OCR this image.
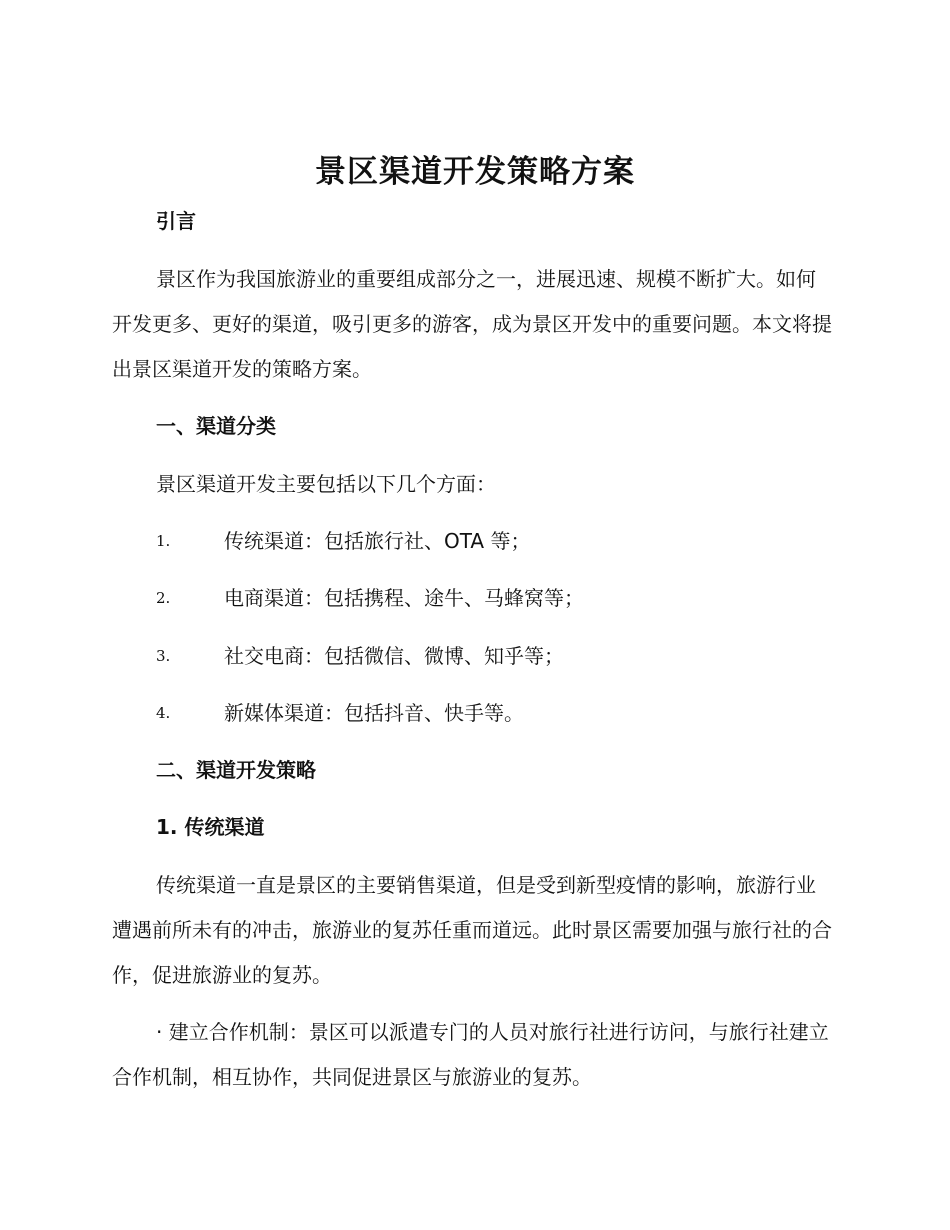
景区渠道开发策略方案
引言

景区作为我国旅游业的重要组成部分之一，进展迅速、规模不断扩大。如何开发更多、更好的渠道，吸引更多的游客，成为景区开发中的重要问题。本文将提出景区渠道开发的策略方案。

一、渠道分类

景区渠道开发主要包括以下几个方面：

1.	传统渠道：包括旅行社、OTA 等；
2.	电商渠道：包括携程、途牛、马蜂窝等；
3.	社交电商：包括微信、微博、知乎等；
4.	新媒体渠道：包括抖音、快手等。
二、渠道开发策略
1. 传统渠道

传统渠道一直是景区的主要销售渠道，但是受到新型疫情的影响，旅游行业遭遇前所未有的冲击，旅游业的复苏任重而道远。此时景区需要加强与旅行社的合作，促进旅游业的复苏。

· 建立合作机制：景区可以派遣专门的人员对旅行社进行访问，与旅行社建立合作机制，相互协作，共同促进景区与旅游业的复苏。
